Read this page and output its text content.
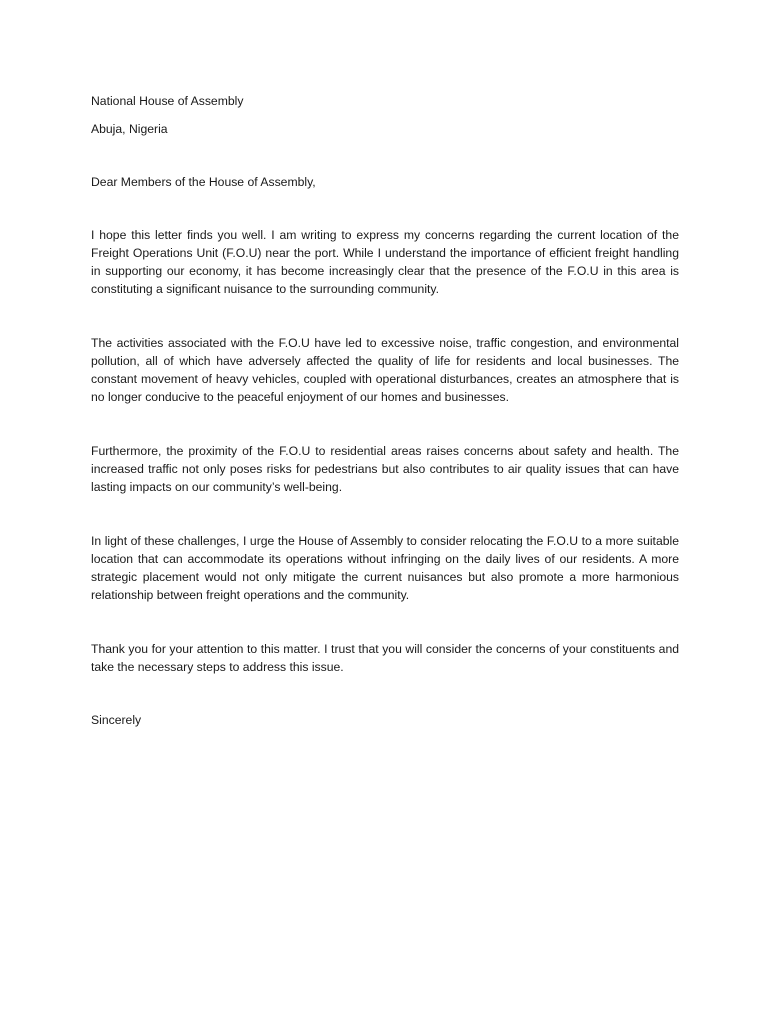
National House of Assembly

Abuja, Nigeria

Dear Members of the House of Assembly,

I hope this letter finds you well. I am writing to express my concerns regarding the current location of the Freight Operations Unit (F.O.U) near the port. While I understand the importance of efficient freight handling in supporting our economy, it has become increasingly clear that the presence of the F.O.U in this area is constituting a significant nuisance to the surrounding community.

The activities associated with the F.O.U have led to excessive noise, traffic congestion, and environmental pollution, all of which have adversely affected the quality of life for residents and local businesses. The constant movement of heavy vehicles, coupled with operational disturbances, creates an atmosphere that is no longer conducive to the peaceful enjoyment of our homes and businesses.

Furthermore, the proximity of the F.O.U to residential areas raises concerns about safety and health. The increased traffic not only poses risks for pedestrians but also contributes to air quality issues that can have lasting impacts on our community’s well-being.

In light of these challenges, I urge the House of Assembly to consider relocating the F.O.U to a more suitable location that can accommodate its operations without infringing on the daily lives of our residents. A more strategic placement would not only mitigate the current nuisances but also promote a more harmonious relationship between freight operations and the community.

Thank you for your attention to this matter. I trust that you will consider the concerns of your constituents and take the necessary steps to address this issue.

Sincerely
